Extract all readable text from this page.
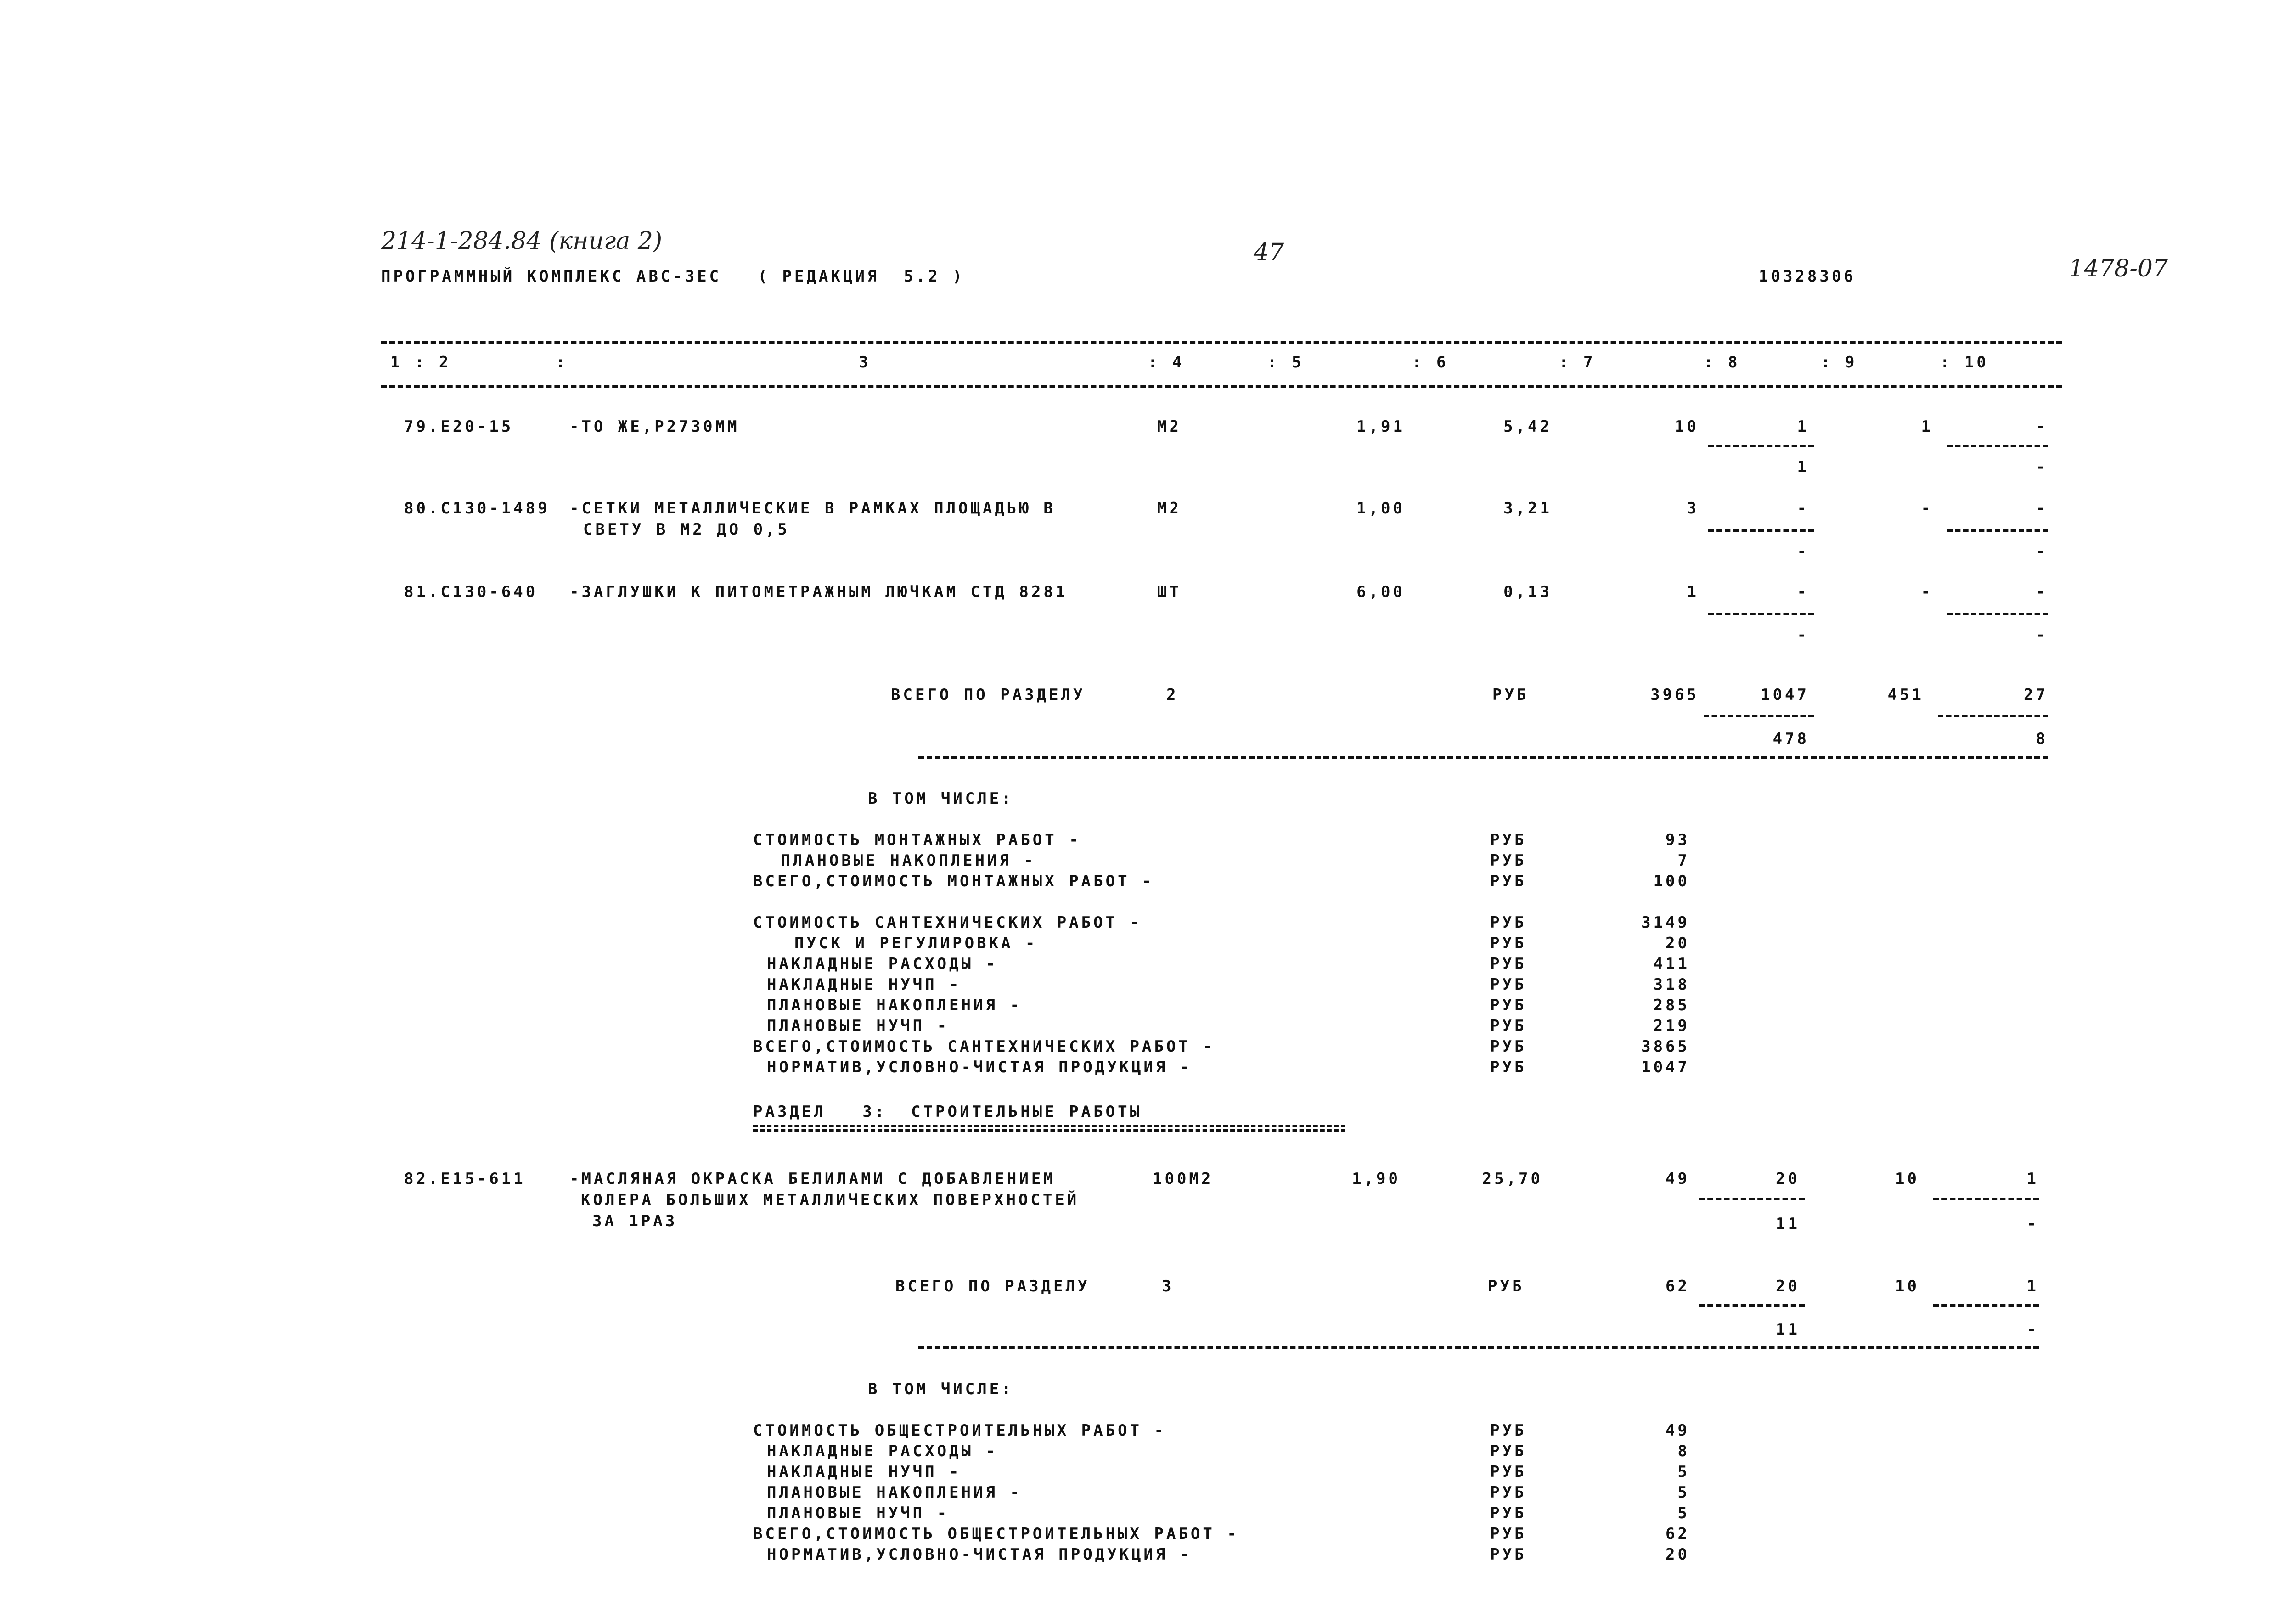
214-1-284.84 (книга 2)	47
1478-07
ПРОГРАММНЫЙ КОМПЛЕКС АВС-ЗЕС   ( РЕДАКЦИЯ  5.2 )	10328306
1 : 2	:	3	: 4	: 5	: 6	: 7	: 8	: 9	: 10
79.Е20-15	-ТО ЖЕ,Р2730ММ	М2	1,91	5,42	10	1	1	-
1	-
80.С130-1489 -СЕТКИ МЕТАЛЛИЧЕСКИЕ В РАМКАХ ПЛОЩАДЬЮ В
СВЕТУ В М2 ДО 0,5
М2	1,00	3,21	3	-	-	-
-	-
81.С130-640 -ЗАГЛУШКИ К ПИТОМЕТРАЖНЫМ ЛЮЧКАМ СТД 8281	ШТ	6,00	0,13	1	-	-	-
-	-
ВСЕГО ПО РАЗДЕЛУ	2	РУБ	3965	1047	451	27
478	8
В ТОМ ЧИСЛЕ:
СТОИМОСТЬ МОНТАЖНЫХ РАБОТ -	РУБ	93
ПЛАНОВЫЕ НАКОПЛЕНИЯ -	РУБ	7
ВСЕГО,СТОИМОСТЬ МОНТАЖНЫХ РАБОТ -	РУБ	100
СТОИМОСТЬ САНТЕХНИЧЕСКИХ РАБОТ -	РУБ	3149
ПУСК И РЕГУЛИРОВКА -	РУБ	20
НАКЛАДНЫЕ РАСХОДЫ -	РУБ	411
НАКЛАДНЫЕ НУЧП -	РУБ	318
ПЛАНОВЫЕ НАКОПЛЕНИЯ -	РУБ	285
ПЛАНОВЫЕ НУЧП -	РУБ	219
ВСЕГО,СТОИМОСТЬ САНТЕХНИЧЕСКИХ РАБОТ -	РУБ	3865
НОРМАТИВ,УСЛОВНО-ЧИСТАЯ ПРОДУКЦИЯ -	РУБ	1047
РАЗДЕЛ   3:  СТРОИТЕЛЬНЫЕ РАБОТЫ
82.Е15-611	-МАСЛЯНАЯ ОКРАСКА БЕЛИЛАМИ С ДОБАВЛЕНИЕМ
КОЛЕРА БОЛЬШИХ МЕТАЛЛИЧЕСКИХ ПОВЕРХНОСТЕЙ
ЗА 1РАЗ
100М2	1,90	25,70	49	20	10	1
11	-
ВСЕГО ПО РАЗДЕЛУ	3	РУБ	62	20	10	1
11	-
В ТОМ ЧИСЛЕ:
СТОИМОСТЬ ОБЩЕСТРОИТЕЛЬНЫХ РАБОТ -	РУБ	49
НАКЛАДНЫЕ РАСХОДЫ -	РУБ	8
НАКЛАДНЫЕ НУЧП -	РУБ	5
ПЛАНОВЫЕ НАКОПЛЕНИЯ -	РУБ	5
ПЛАНОВЫЕ НУЧП -	РУБ	5
ВСЕГО,СТОИМОСТЬ ОБЩЕСТРОИТЕЛЬНЫХ РАБОТ -	РУБ	62
НОРМАТИВ,УСЛОВНО-ЧИСТАЯ ПРОДУКЦИЯ -	РУБ	20
